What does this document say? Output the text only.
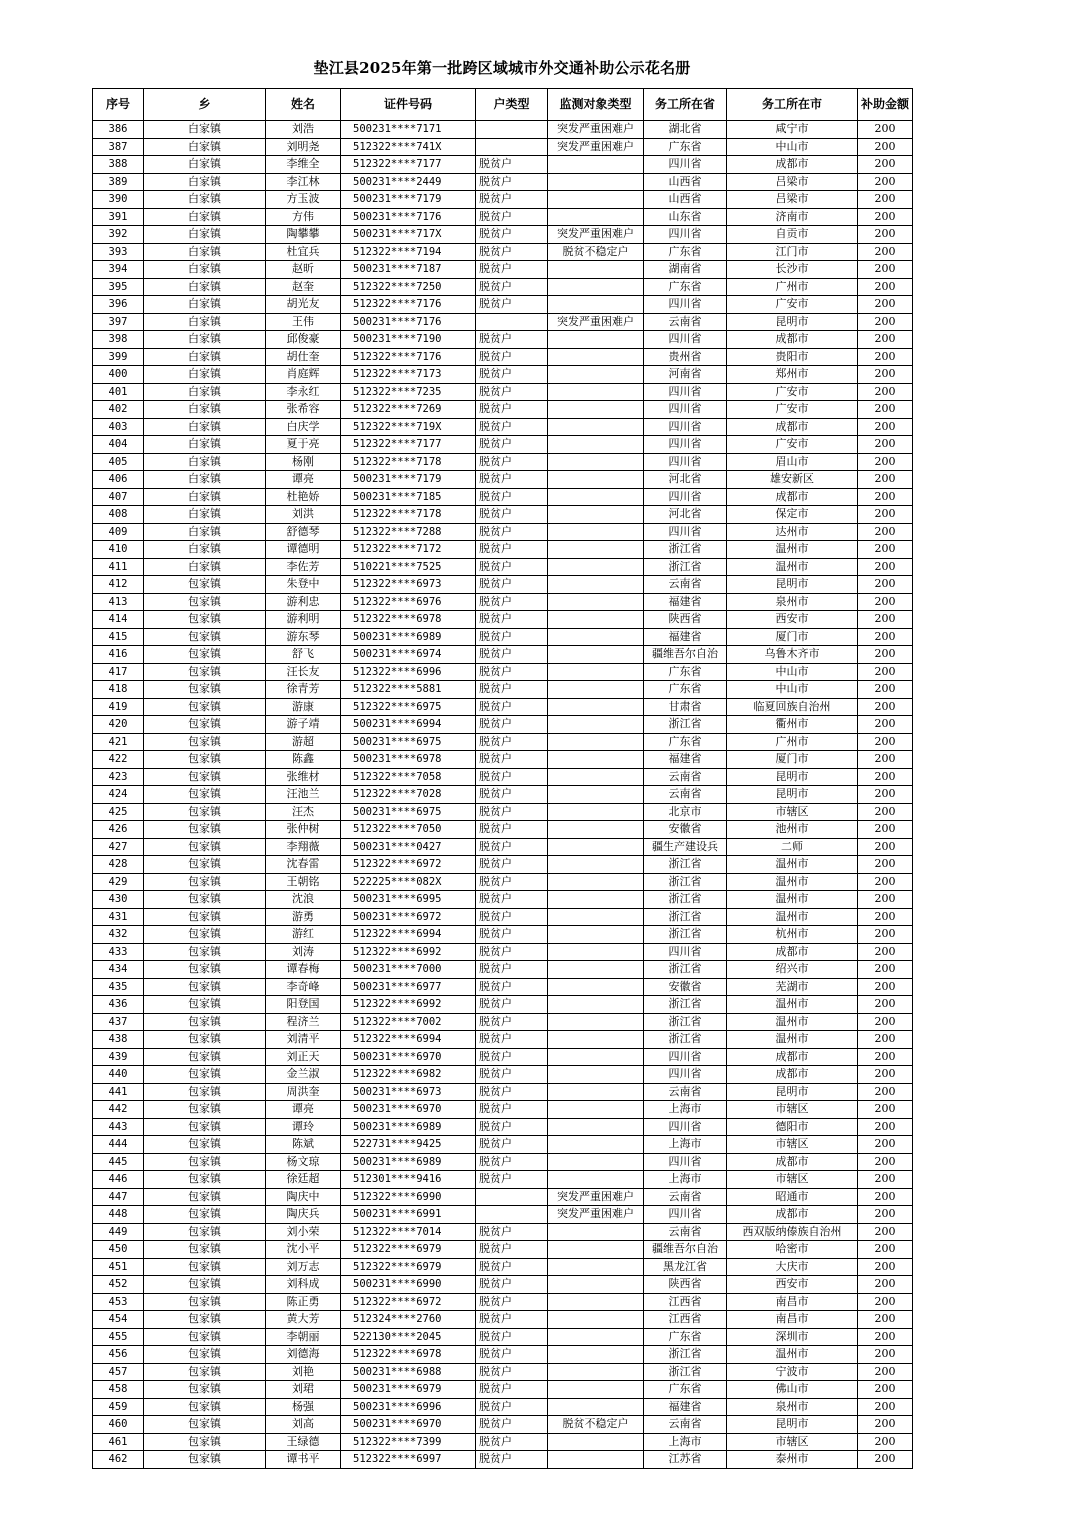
垫江县2025年第一批跨区域城市外交通补助公示花名册
序号	乡	姓名	证件号码	户类型	监测对象类型	务工所在省	务工所在市	补助金额
386	白家镇	刘浩	500231****7171		突发严重困难户	湖北省	咸宁市	200
387	白家镇	刘明尧	512322****741X		突发严重困难户	广东省	中山市	200
388	白家镇	李维全	512322****7177	脱贫户		四川省	成都市	200
389	白家镇	李江林	500231****2449	脱贫户		山西省	吕梁市	200
390	白家镇	方玉波	500231****7179	脱贫户		山西省	吕梁市	200
391	白家镇	方伟	500231****7176	脱贫户		山东省	济南市	200
392	白家镇	陶攀攀	500231****717X	脱贫户	突发严重困难户	四川省	自贡市	200
393	白家镇	杜宜兵	512322****7194	脱贫户	脱贫不稳定户	广东省	江门市	200
394	白家镇	赵昕	500231****7187	脱贫户		湖南省	长沙市	200
395	白家镇	赵奎	512322****7250	脱贫户		广东省	广州市	200
396	白家镇	胡光友	512322****7176	脱贫户		四川省	广安市	200
397	白家镇	王伟	500231****7176		突发严重困难户	云南省	昆明市	200
398	白家镇	邱俊豪	500231****7190	脱贫户		四川省	成都市	200
399	白家镇	胡仕奎	512322****7176	脱贫户		贵州省	贵阳市	200
400	白家镇	肖庭辉	512322****7173	脱贫户		河南省	郑州市	200
401	白家镇	李永红	512322****7235	脱贫户		四川省	广安市	200
402	白家镇	张希容	512322****7269	脱贫户		四川省	广安市	200
403	白家镇	白庆学	512322****719X	脱贫户		四川省	成都市	200
404	白家镇	夏于亮	512322****7177	脱贫户		四川省	广安市	200
405	白家镇	杨刚	512322****7178	脱贫户		四川省	眉山市	200
406	白家镇	谭亮	500231****7179	脱贫户		河北省	雄安新区	200
407	白家镇	杜艳娇	500231****7185	脱贫户		四川省	成都市	200
408	白家镇	刘洪	512322****7178	脱贫户		河北省	保定市	200
409	白家镇	舒德琴	512322****7288	脱贫户		四川省	达州市	200
410	白家镇	谭德明	512322****7172	脱贫户		浙江省	温州市	200
411	白家镇	李佐芳	510221****7525	脱贫户		浙江省	温州市	200
412	包家镇	朱登中	512322****6973	脱贫户		云南省	昆明市	200
413	包家镇	游利忠	512322****6976	脱贫户		福建省	泉州市	200
414	包家镇	游利明	512322****6978	脱贫户		陕西省	西安市	200
415	包家镇	游东琴	500231****6989	脱贫户		福建省	厦门市	200
416	包家镇	舒飞	500231****6974	脱贫户		疆维吾尔自治	乌鲁木齐市	200
417	包家镇	汪长友	512322****6996	脱贫户		广东省	中山市	200
418	包家镇	徐青芳	512322****5881	脱贫户		广东省	中山市	200
419	包家镇	游康	512322****6975	脱贫户		甘肃省	临夏回族自治州	200
420	包家镇	游子靖	500231****6994	脱贫户		浙江省	衢州市	200
421	包家镇	游超	500231****6975	脱贫户		广东省	广州市	200
422	包家镇	陈鑫	500231****6978	脱贫户		福建省	厦门市	200
423	包家镇	张维材	512322****7058	脱贫户		云南省	昆明市	200
424	包家镇	汪池兰	512322****7028	脱贫户		云南省	昆明市	200
425	包家镇	汪杰	500231****6975	脱贫户		北京市	市辖区	200
426	包家镇	张仲树	512322****7050	脱贫户		安徽省	池州市	200
427	包家镇	李翔薇	500231****0427	脱贫户		疆生产建设兵	二师	200
428	包家镇	沈春雷	512322****6972	脱贫户		浙江省	温州市	200
429	包家镇	王朝铭	522225****082X	脱贫户		浙江省	温州市	200
430	包家镇	沈浪	500231****6995	脱贫户		浙江省	温州市	200
431	包家镇	游勇	500231****6972	脱贫户		浙江省	温州市	200
432	包家镇	游红	512322****6994	脱贫户		浙江省	杭州市	200
433	包家镇	刘涛	512322****6992	脱贫户		四川省	成都市	200
434	包家镇	谭春梅	500231****7000	脱贫户		浙江省	绍兴市	200
435	包家镇	李奇峰	500231****6977	脱贫户		安徽省	芜湖市	200
436	包家镇	阳登国	512322****6992	脱贫户		浙江省	温州市	200
437	包家镇	程济兰	512322****7002	脱贫户		浙江省	温州市	200
438	包家镇	刘清平	512322****6994	脱贫户		浙江省	温州市	200
439	包家镇	刘正天	500231****6970	脱贫户		四川省	成都市	200
440	包家镇	金兰淑	512322****6982	脱贫户		四川省	成都市	200
441	包家镇	周洪奎	500231****6973	脱贫户		云南省	昆明市	200
442	包家镇	谭亮	500231****6970	脱贫户		上海市	市辖区	200
443	包家镇	谭玲	500231****6989	脱贫户		四川省	德阳市	200
444	包家镇	陈斌	522731****9425	脱贫户		上海市	市辖区	200
445	包家镇	杨文琼	500231****6989	脱贫户		四川省	成都市	200
446	包家镇	徐廷超	512301****9416	脱贫户		上海市	市辖区	200
447	包家镇	陶庆中	512322****6990		突发严重困难户	云南省	昭通市	200
448	包家镇	陶庆兵	500231****6991		突发严重困难户	四川省	成都市	200
449	包家镇	刘小荣	512322****7014	脱贫户		云南省	西双版纳傣族自治州	200
450	包家镇	沈小平	512322****6979	脱贫户		疆维吾尔自治	哈密市	200
451	包家镇	刘万志	512322****6979	脱贫户		黑龙江省	大庆市	200
452	包家镇	刘科成	500231****6990	脱贫户		陕西省	西安市	200
453	包家镇	陈正勇	512322****6972	脱贫户		江西省	南昌市	200
454	包家镇	黄大芳	512324****2760	脱贫户		江西省	南昌市	200
455	包家镇	李朝丽	522130****2045	脱贫户		广东省	深圳市	200
456	包家镇	刘德海	512322****6978	脱贫户		浙江省	温州市	200
457	包家镇	刘艳	500231****6988	脱贫户		浙江省	宁波市	200
458	包家镇	刘珺	500231****6979	脱贫户		广东省	佛山市	200
459	包家镇	杨强	500231****6996	脱贫户		福建省	泉州市	200
460	包家镇	刘高	500231****6970	脱贫户	脱贫不稳定户	云南省	昆明市	200
461	包家镇	王绿德	512322****7399	脱贫户		上海市	市辖区	200
462	包家镇	谭书平	512322****6997	脱贫户		江苏省	泰州市	200
